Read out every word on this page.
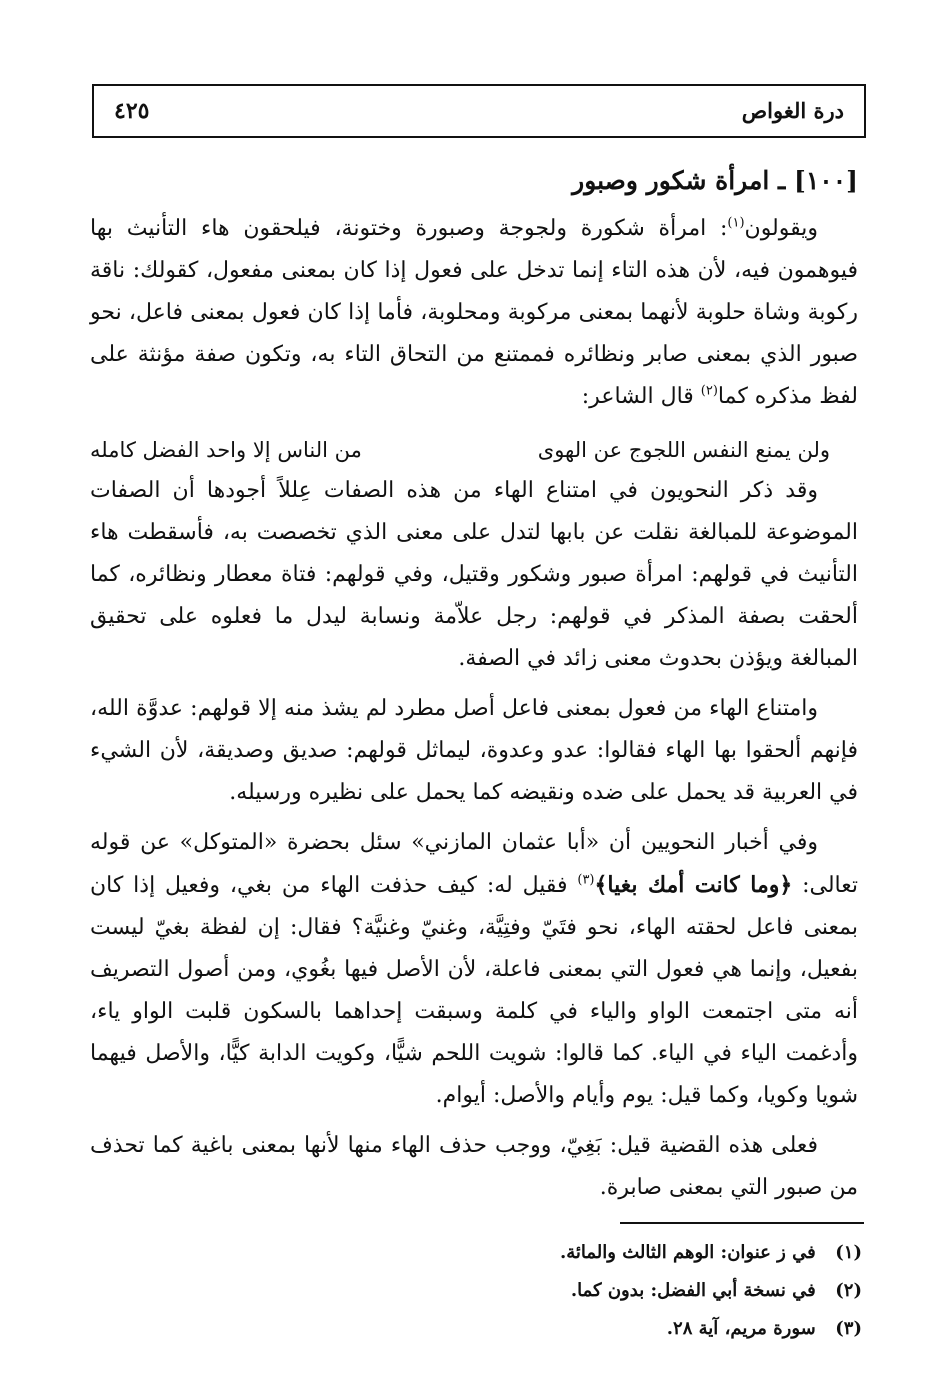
٤٢٥	درة الغواص
[١٠٠] ـ امرأة شكور وصبور

ويقولون$^{(١)}$: امرأة شكورة ولجوجة وصبورة وختونة، فيلحقون هاء التأنيث بها فيوهمون فيه، لأن هذه التاء إنما تدخل على فعول إذا كان بمعنى مفعول، كقولك: ناقة ركوبة وشاة حلوبة لأنهما بمعنى مركوبة ومحلوبة، فأما إذا كان فعول بمعنى فاعل، نحو صبور الذي بمعنى صابر ونظائره فممتنع من التحاق التاء به، وتكون صفة مؤنثة على لفظ مذكره كما$^{(٢)}$ قال الشاعر:

ولن يمنع النفس اللجوج عن الهوى
من الناس إلا واحد الفضل كامله

وقد ذكر النحويون في امتناع الهاء من هذه الصفات عِللاً أجودها أن الصفات الموضوعة للمبالغة نقلت عن بابها لتدل على معنى الذي تخصصت به، فأسقطت هاء التأنيث في قولهم: امرأة صبور وشكور وقتيل، وفي قولهم: فتاة معطار ونظائره، كما ألحقت بصفة المذكر في قولهم: رجل علاّمة ونسابة ليدل ما فعلوه على تحقيق المبالغة ويؤذن بحدوث معنى زائد في الصفة.

وامتناع الهاء من فعول بمعنى فاعل أصل مطرد لم يشذ منه إلا قولهم: عدوَّة الله، فإنهم ألحقوا بها الهاء فقالوا: عدو وعدوة، ليماثل قولهم: صديق وصديقة، لأن الشيء في العربية قد يحمل على ضده ونقيضه كما يحمل على نظيره ورسيله.

وفي أخبار النحويين أن «أبا عثمان المازني» سئل بحضرة «المتوكل» عن قوله تعالى: ﴿وما كانت أمك بغيا﴾$^{(٣)}$ فقيل له: كيف حذفت الهاء من بغي، وفعيل إذا كان بمعنى فاعل لحقته الهاء، نحو فتَيّ وفتِيَّة، وغنيّ وغنيَّة؟ فقال: إن لفظة بغيّ ليست بفعيل، وإنما هي فعول التي بمعنى فاعلة، لأن الأصل فيها بغُوي، ومن أصول التصريف أنه متى اجتمعت الواو والياء في كلمة وسبقت إحداهما بالسكون قلبت الواو ياء، وأدغمت الياء في الياء. كما قالوا: شويت اللحم شيًّا، وكويت الدابة كيًّا، والأصل فيهما شويا وكويا، وكما قيل: يوم وأيام والأصل: أيوام.

فعلى هذه القضية قيل: بَغِيّ، ووجب حذف الهاء منها لأنها بمعنى باغية كما تحذف من صبور التي بمعنى صابرة.

(١) في ز عنوان: الوهم الثالث والمائة.

(٢) في نسخة أبي الفضل: بدون كما.

(٣) سورة مريم، آية ٢٨.
